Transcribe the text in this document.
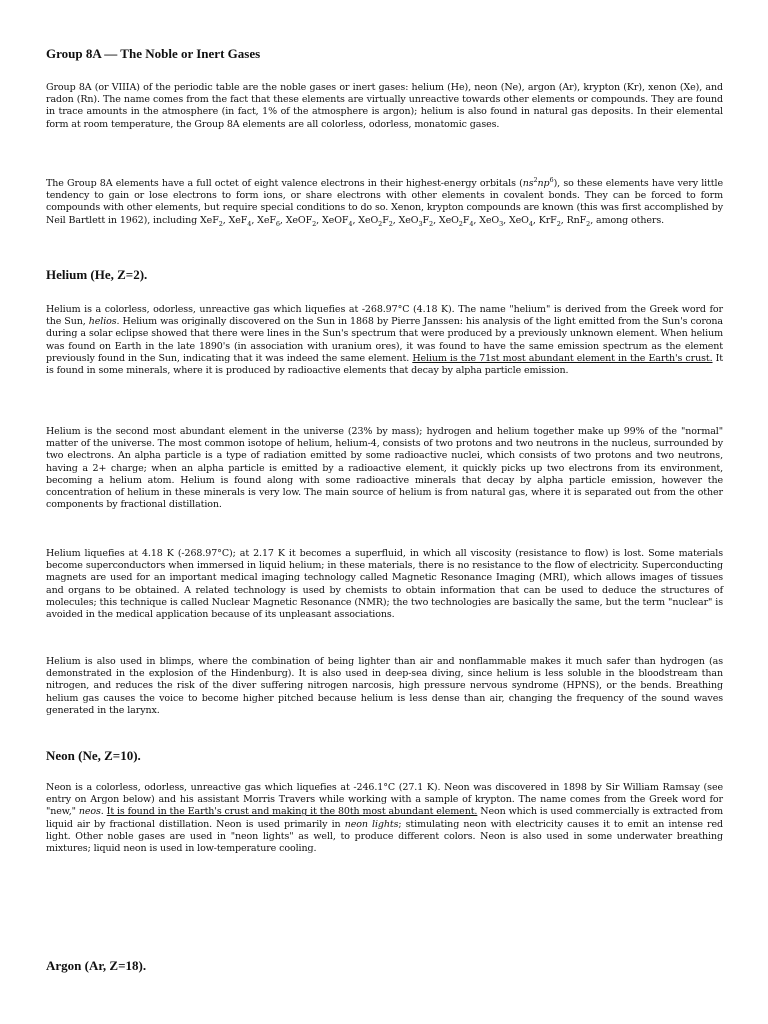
Group 8A — The Noble or Inert Gases

Group 8A (or VIIIA) of the periodic table are the noble gases or inert gases: helium (He), neon (Ne), argon (Ar), krypton (Kr), xenon (Xe), and radon (Rn). The name comes from the fact that these elements are virtually unreactive towards other elements or compounds. They are found in trace amounts in the atmosphere (in fact, 1% of the atmosphere is argon); helium is also found in natural gas deposits. In their elemental form at room temperature, the Group 8A elements are all colorless, odorless, monatomic gases.

The Group 8A elements have a full octet of eight valence electrons in their highest-energy orbitals $(ns^2np^6)$, so these elements have very little tendency to gain or lose electrons to form ions, or share electrons with other elements in covalent bonds. They can be forced to form compounds with other elements, but require special conditions to do so. Xenon, krypton compounds are known (this was first accomplished by Neil Bartlett in 1962), including XeF$_2$, XeF$_4$, XeF$_6$, XeOF$_2$, XeOF$_4$, $XeO_2F_2$, $XeO_3F_2$, $XeO_2F_4$, XeO$_3$, XeO$_4$, KrF$_2$, RnF$_2$, among others.

Helium (He, Z=2).

Helium is a colorless, odorless, unreactive gas which liquefies at -268.97°C (4.18 K). The name "helium" is derived from the Greek word for the Sun, helios. Helium was originally discovered on the Sun in 1868 by Pierre Janssen: his analysis of the light emitted from the Sun's corona during a solar eclipse showed that there were lines in the Sun's spectrum that were produced by a previously unknown element. When helium was found on Earth in the late 1890's (in association with uranium ores), it was found to have the same emission spectrum as the element previously found in the Sun, indicating that it was indeed the same element. Helium is the 71st most abundant element in the Earth's crust. It is found in some minerals, where it is produced by radioactive elements that decay by alpha particle emission.

Helium is the second most abundant element in the universe (23% by mass); hydrogen and helium together make up 99% of the "normal" matter of the universe. The most common isotope of helium, helium-4, consists of two protons and two neutrons in the nucleus, surrounded by two electrons. An alpha particle is a type of radiation emitted by some radioactive nuclei, which consists of two protons and two neutrons, having a 2+ charge; when an alpha particle is emitted by a radioactive element, it quickly picks up two electrons from its environment, becoming a helium atom. Helium is found along with some radioactive minerals that decay by alpha particle emission, however the concentration of helium in these minerals is very low. The main source of helium is from natural gas, where it is separated out from the other components by fractional distillation.

Helium liquefies at 4.18 K (-268.97°C); at 2.17 K it becomes a superfluid, in which all viscosity (resistance to flow) is lost. Some materials become superconductors when immersed in liquid helium; in these materials, there is no resistance to the flow of electricity. Superconducting magnets are used for an important medical imaging technology called Magnetic Resonance Imaging (MRI), which allows images of tissues and organs to be obtained. A related technology is used by chemists to obtain information that can be used to deduce the structures of molecules; this technique is called Nuclear Magnetic Resonance (NMR); the two technologies are basically the same, but the term "nuclear" is avoided in the medical application because of its unpleasant associations.

Helium is also used in blimps, where the combination of being lighter than air and nonflammable makes it much safer than hydrogen (as demonstrated in the explosion of the Hindenburg). It is also used in deep-sea diving, since helium is less soluble in the bloodstream than nitrogen, and reduces the risk of the diver suffering nitrogen narcosis, high pressure nervous syndrome (HPNS), or the bends. Breathing helium gas causes the voice to become higher pitched because helium is less dense than air, changing the frequency of the sound waves generated in the larynx.

Neon (Ne, Z=10).

Neon is a colorless, odorless, unreactive gas which liquefies at -246.1°C (27.1 K). Neon was discovered in 1898 by Sir William Ramsay (see entry on Argon below) and his assistant Morris Travers while working with a sample of krypton. The name comes from the Greek word for "new," neos. It is found in the Earth's crust and making it the 80th most abundant element. Neon which is used commercially is extracted from liquid air by fractional distillation. Neon is used primarily in neon lights; stimulating neon with electricity causes it to emit an intense red light. Other noble gases are used in "neon lights" as well, to produce different colors. Neon is also used in some underwater breathing mixtures; liquid neon is used in low-temperature cooling.

Argon (Ar, Z=18).
